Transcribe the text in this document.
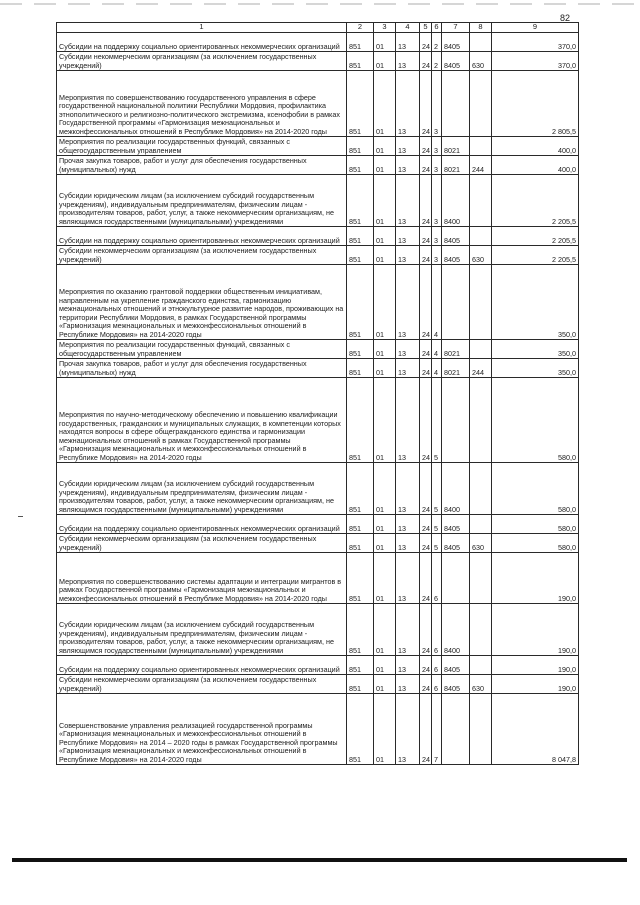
82
1	2	3	4	5	6	7	8	9
Субсидии на поддержку социально ориентированных некоммерческих организаций	851	01	13	24	2	8405		370,0
Субсидии некоммерческим организациям (за исключением государственных учреждений)	851	01	13	24	2	8405	630	370,0
Мероприятия по совершенствованию государственного управления в сфере государственной национальной политики Республики Мордовия, профилактика этнополитического и религиозно-политического экстремизма, ксенофобии в рамках Государственной программы «Гармонизация межнациональных и межконфессиональных отношений в Республике Мордовия» на 2014-2020 годы	851	01	13	24	3			2 805,5
Мероприятия по реализации государственных функций, связанных с общегосударственным управлением	851	01	13	24	3	8021		400,0
Прочая закупка товаров, работ и услуг для обеспечения государственных (муниципальных) нужд	851	01	13	24	3	8021	244	400,0
Субсидии юридическим лицам (за исключением субсидий государственным учреждениям), индивидуальным предпринимателям, физическим лицам - производителям товаров, работ, услуг, а также некоммерческим организациям, не являющимся государственными (муниципальными) учреждениями	851	01	13	24	3	8400		2 205,5
Субсидии на поддержку социально ориентированных некоммерческих организаций	851	01	13	24	3	8405		2 205,5
Субсидии некоммерческим организациям (за исключением государственных учреждений)	851	01	13	24	3	8405	630	2 205,5
Мероприятия по оказанию грантовой поддержки общественным инициативам, направленным на укрепление гражданского единства, гармонизацию межнациональных отношений и этнокультурное развитие народов, проживающих на территории Республики Мордовия, в рамках Государственной программы «Гармонизация межнациональных и межконфессиональных отношений в Республике Мордовия» на 2014-2020 годы	851	01	13	24	4			350,0
Мероприятия по реализации государственных функций, связанных с общегосударственным управлением	851	01	13	24	4	8021		350,0
Прочая закупка товаров, работ и услуг для обеспечения государственных (муниципальных) нужд	851	01	13	24	4	8021	244	350,0
Мероприятия по научно-методическому обеспечению и повышению квалификации государственных, гражданских и муниципальных служащих, в компетенции которых находятся вопросы в сфере общегражданского единства и гармонизации межнациональных отношений в рамках Государственной программы «Гармонизация межнациональных и межконфессиональных отношений в Республике Мордовия» на 2014-2020 годы	851	01	13	24	5			580,0
Субсидии юридическим лицам (за исключением субсидий государственным учреждениям), индивидуальным предпринимателям, физическим лицам - производителям товаров, работ, услуг, а также некоммерческим организациям, не являющимся государственными (муниципальными) учреждениями	851	01	13	24	5	8400		580,0
Субсидии на поддержку социально ориентированных некоммерческих организаций	851	01	13	24	5	8405		580,0
Субсидии некоммерческим организациям (за исключением государственных учреждений)	851	01	13	24	5	8405	630	580,0
Мероприятия по совершенствованию системы адаптации и интеграции мигрантов в рамках Государственной программы «Гармонизация межнациональных и межконфессиональных отношений в Республике Мордовия» на 2014-2020 годы	851	01	13	24	6			190,0
Субсидии юридическим лицам (за исключением субсидий государственным учреждениям), индивидуальным предпринимателям, физическим лицам - производителям товаров, работ, услуг, а также некоммерческим организациям, не являющимся государственными (муниципальными) учреждениями	851	01	13	24	6	8400		190,0
Субсидии на поддержку социально ориентированных некоммерческих организаций	851	01	13	24	6	8405		190,0
Субсидии некоммерческим организациям (за исключением государственных учреждений)	851	01	13	24	6	8405	630	190,0
Совершенствование управления реализацией государственной программы «Гармонизация межнациональных и межконфессиональных отношений в Республике Мордовия» на 2014 – 2020 годы в рамках Государственной программы «Гармонизация межнациональных и межконфессиональных отношений в Республике Мордовия» на 2014-2020 годы	851	01	13	24	7			8 047,8
